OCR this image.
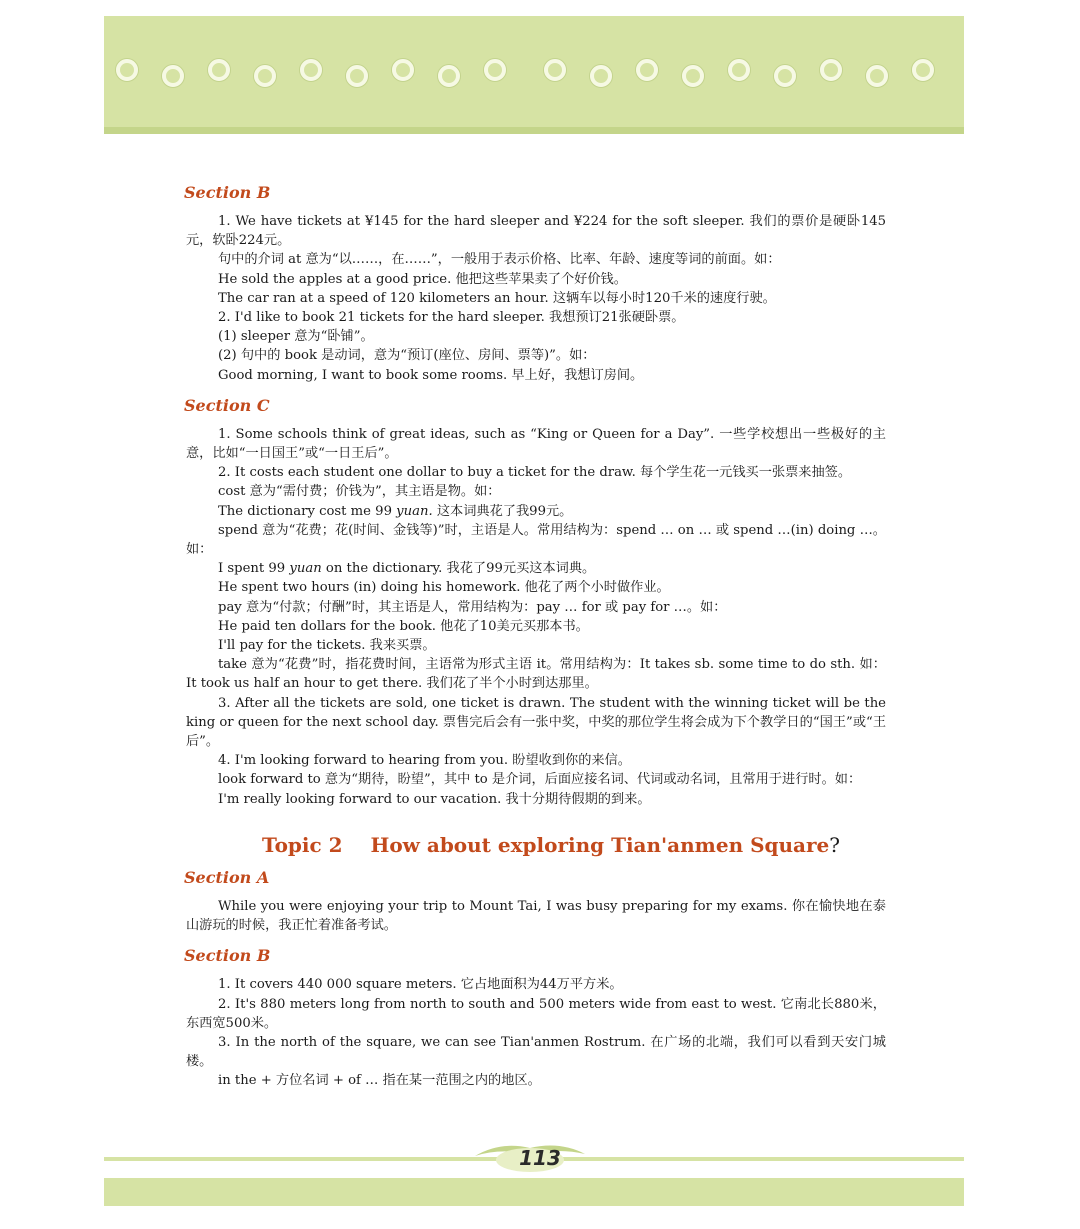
Section B

1. We have tickets at ¥145 for the hard sleeper and ¥224 for the soft sleeper. 我们的票价是硬卧145元，软卧224元。

句中的介词 at 意为“以……，在……”，一般用于表示价格、比率、年龄、速度等词的前面。如：

He sold the apples at a good price. 他把这些苹果卖了个好价钱。

The car ran at a speed of 120 kilometers an hour. 这辆车以每小时120千米的速度行驶。

2. I'd like to book 21 tickets for the hard sleeper. 我想预订21张硬卧票。

(1) sleeper 意为“卧铺”。

(2) 句中的 book 是动词，意为“预订(座位、房间、票等)”。如：

Good morning, I want to book some rooms. 早上好，我想订房间。

Section C

1. Some schools think of great ideas, such as “King or Queen for a Day”. 一些学校想出一些极好的主意，比如“一日国王”或“一日王后”。

2. It costs each student one dollar to buy a ticket for the draw. 每个学生花一元钱买一张票来抽签。

cost 意为“需付费；价钱为”，其主语是物。如：

The dictionary cost me 99 yuan. 这本词典花了我99元。

spend 意为“花费；花(时间、金钱等)”时，主语是人。常用结构为：spend … on … 或 spend …(in) doing …。如：

I spent 99 yuan on the dictionary. 我花了99元买这本词典。

He spent two hours (in) doing his homework. 他花了两个小时做作业。

pay 意为“付款；付酬”时，其主语是人，常用结构为：pay … for 或 pay for …。如：

He paid ten dollars for the book. 他花了10美元买那本书。

I'll pay for the tickets. 我来买票。

take 意为“花费”时，指花费时间，主语常为形式主语 it。常用结构为：It takes sb. some time to do sth. 如：It took us half an hour to get there. 我们花了半个小时到达那里。

3. After all the tickets are sold, one ticket is drawn. The student with the winning ticket will be the king or queen for the next school day. 票售完后会有一张中奖，中奖的那位学生将会成为下个教学日的“国王”或“王后”。

4. I'm looking forward to hearing from you. 盼望收到你的来信。

look forward to 意为“期待，盼望”，其中 to 是介词，后面应接名词、代词或动名词，且常用于进行时。如：

I'm really looking forward to our vacation. 我十分期待假期的到来。

Topic 2 How about exploring Tian'anmen Square?
Section A

While you were enjoying your trip to Mount Tai, I was busy preparing for my exams. 你在愉快地在泰山游玩的时候，我正忙着准备考试。

Section B

1. It covers 440 000 square meters. 它占地面积为44万平方米。

2. It's 880 meters long from north to south and 500 meters wide from east to west. 它南北长880米，东西宽500米。

3. In the north of the square, we can see Tian'anmen Rostrum. 在广场的北端，我们可以看到天安门城楼。

in the + 方位名词 + of … 指在某一范围之内的地区。

113
